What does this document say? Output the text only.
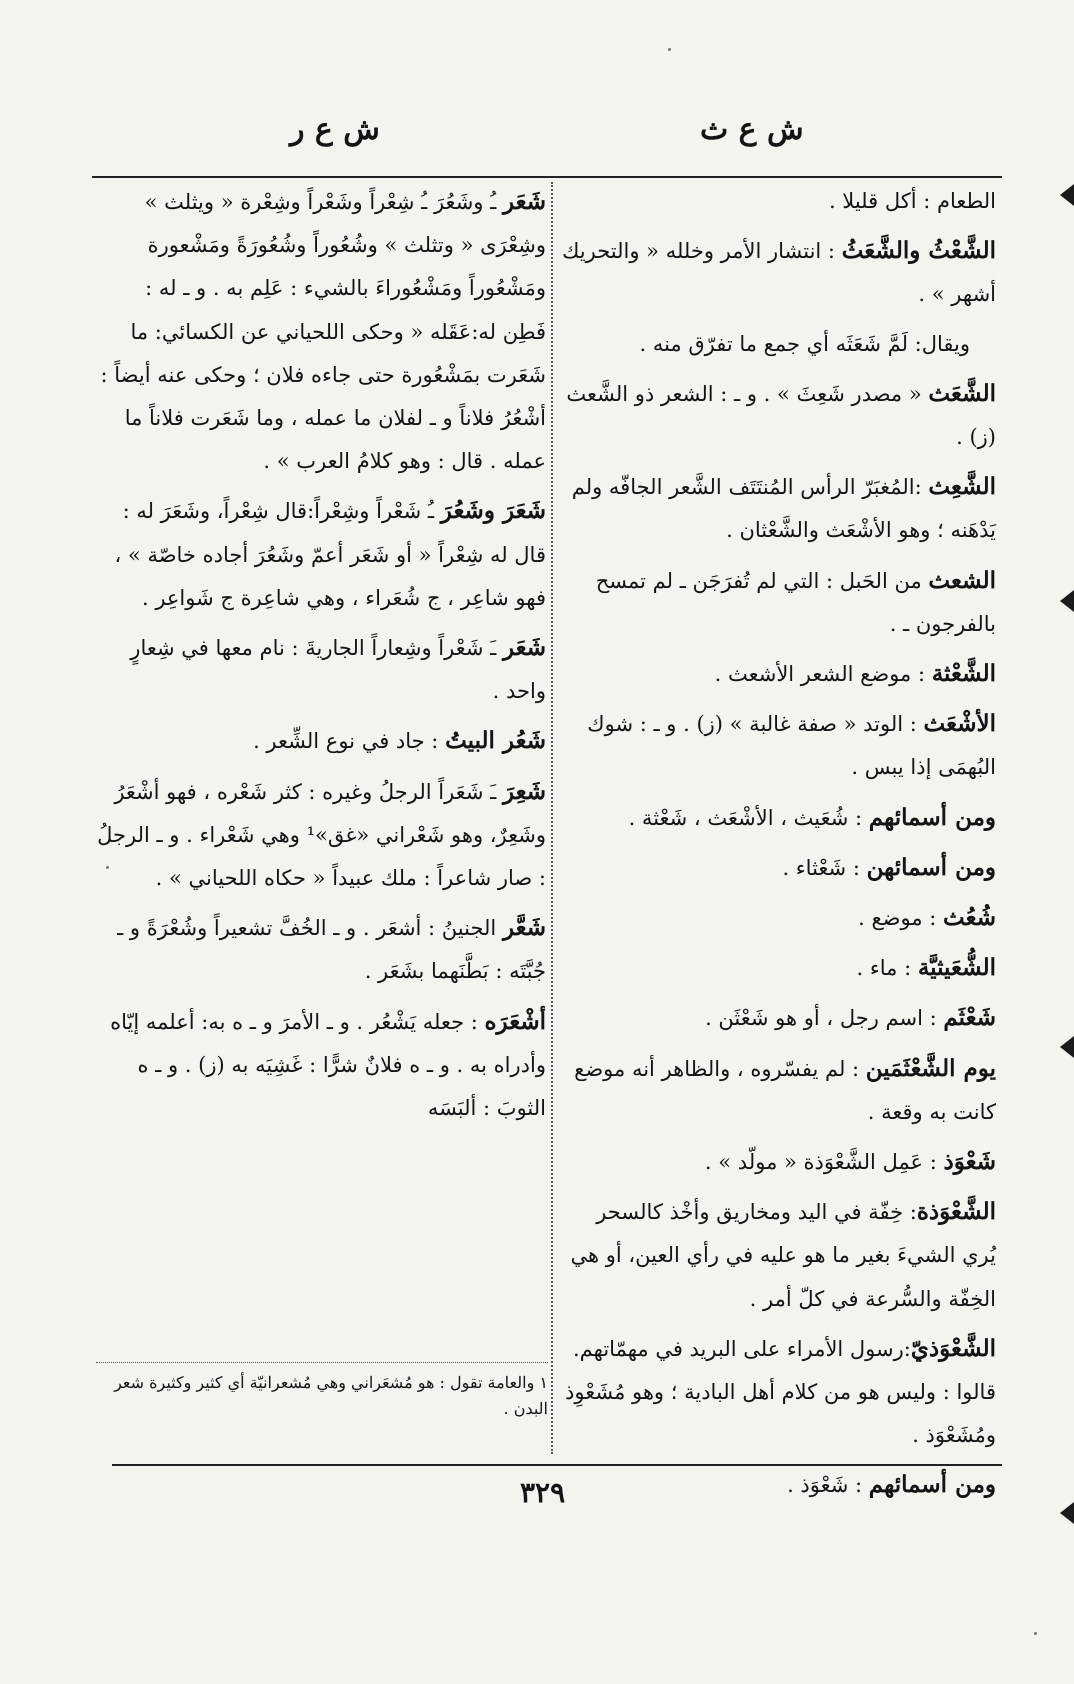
ش ع ث
ش ع ر

الطعام : أكل قليلا .

الشَّعْثُ والشَّعَثُ : انتشار الأمر وخلله « والتحريك أشهر » .

ويقال: لَمَّ شَعَثَه أي جمع ما تفرّق منه .

الشَّعَث « مصدر شَعِثَ » . و ـ : الشعر ذو الشَّعث (ز) .

الشَّعِث :المُغبَرّ الرأس المُنتَتَف الشَّعر الجافّه ولم يَدْهَنه ؛ وهو الأشْعَث والشَّعْثان .

الشعث من الحَبل : التي لم تُفرَجَن ـ لم تمسح بالفرجون ـ .

الشَّعْثة : موضع الشعر الأشعث .

الأشْعَث : الوتد « صفة غالبة » (ز) . و ـ : شوك البُهمَى إذا يبس .

ومن أسمائهم : شُعَيث ، الأشْعَث ، شَعْثة .

ومن أسمائهن : شَعْثاء .

شُعُث : موضع .

الشُّعَيثيَّة : ماء .

شَعْثَم : اسم رجل ، أو هو شَعْثَن .

يوم الشَّعْثَمَين : لم يفسّروه ، والظاهر أنه موضع كانت به وقعة .

شَعْوَذ : عَمِل الشَّعْوَذة « مولّد » .

الشَّعْوَذة: خِفّة في اليد ومخاريق وأخْذ كالسحر يُري الشيءَ بغير ما هو عليه في رأي العين، أو هي الخِفّة والسُّرعة في كلّ أمر .

الشَّعْوَذيّ:رسول الأمراء على البريد في مهمّاتهم. قالوا : وليس هو من كلام أهل البادية ؛ وهو مُشَعْوِذ ومُشَعْوَذ .

ومن أسمائهم : شَعْوَذ .

شَعَر ـُ وشَعُرَ ـُ شِعْراً وشَعْراً وشِعْرة « ويثلث » وشِعْرَى « وتثلث » وشُعُوراً وشُعُورَةً ومَشْعورة ومَشْعُوراً ومَشْعُوراءَ بالشيء : عَلِم به . و ـ له : فَطِن له:عَقَله « وحكى اللحياني عن الكسائي: ما شَعَرت بمَشْعُورة حتى جاءه فلان ؛ وحكى عنه أيضاً : أشْعُرُ فلاناً و ـ لفلان ما عمله ، وما شَعَرت فلاناً ما عمله . قال : وهو كلامُ العرب » .

شَعَرَ وشَعُرَ ـُ شَعْراً وشِعْراً:قال شِعْراً، وشَعَرَ له : قال له شِعْراً « أو شَعَر أعمّ وشَعُرَ أجاده خاصّة » ، فهو شاعِر ، ج شُعَراء ، وهي شاعِرة ج شَواعِر .

شَعَر ـَ شَعْراً وشِعاراً الجاريةَ : نام معها في شِعارٍ واحد .

شَعُر البيتُ : جاد في نوع الشِّعر .

شَعِرَ ـَ شَعَراً الرجلُ وغيره : كثر شَعْره ، فهو أشْعَرُ وشَعِرٌ، وهو شَعْراني «غق»¹ وهي شَعْراء . و ـ الرجلُ : صار شاعراً : ملك عبيداً « حكاه اللحياني » .

شَعَّر الجنينُ : أشعَر . و ـ الخُفَّ تشعيراً وشُعْرَةً و ـ جُبَّتَه : بَطَّنَهما بشَعَر .

أشْعَرَه : جعله يَشْعُر . و ـ الأمرَ و ـ ه به: أعلمه إيّاه وأدراه به . و ـ ه فلانٌ شرًّا : غَشِيَه به (ز) . و ـ ه الثوبَ : ألبَسَه

١ والعامة تقول : هو مُشعَراني وهي مُشعرانيّة أي كثير وكثيرة شعر البدن .
٣٢٩
